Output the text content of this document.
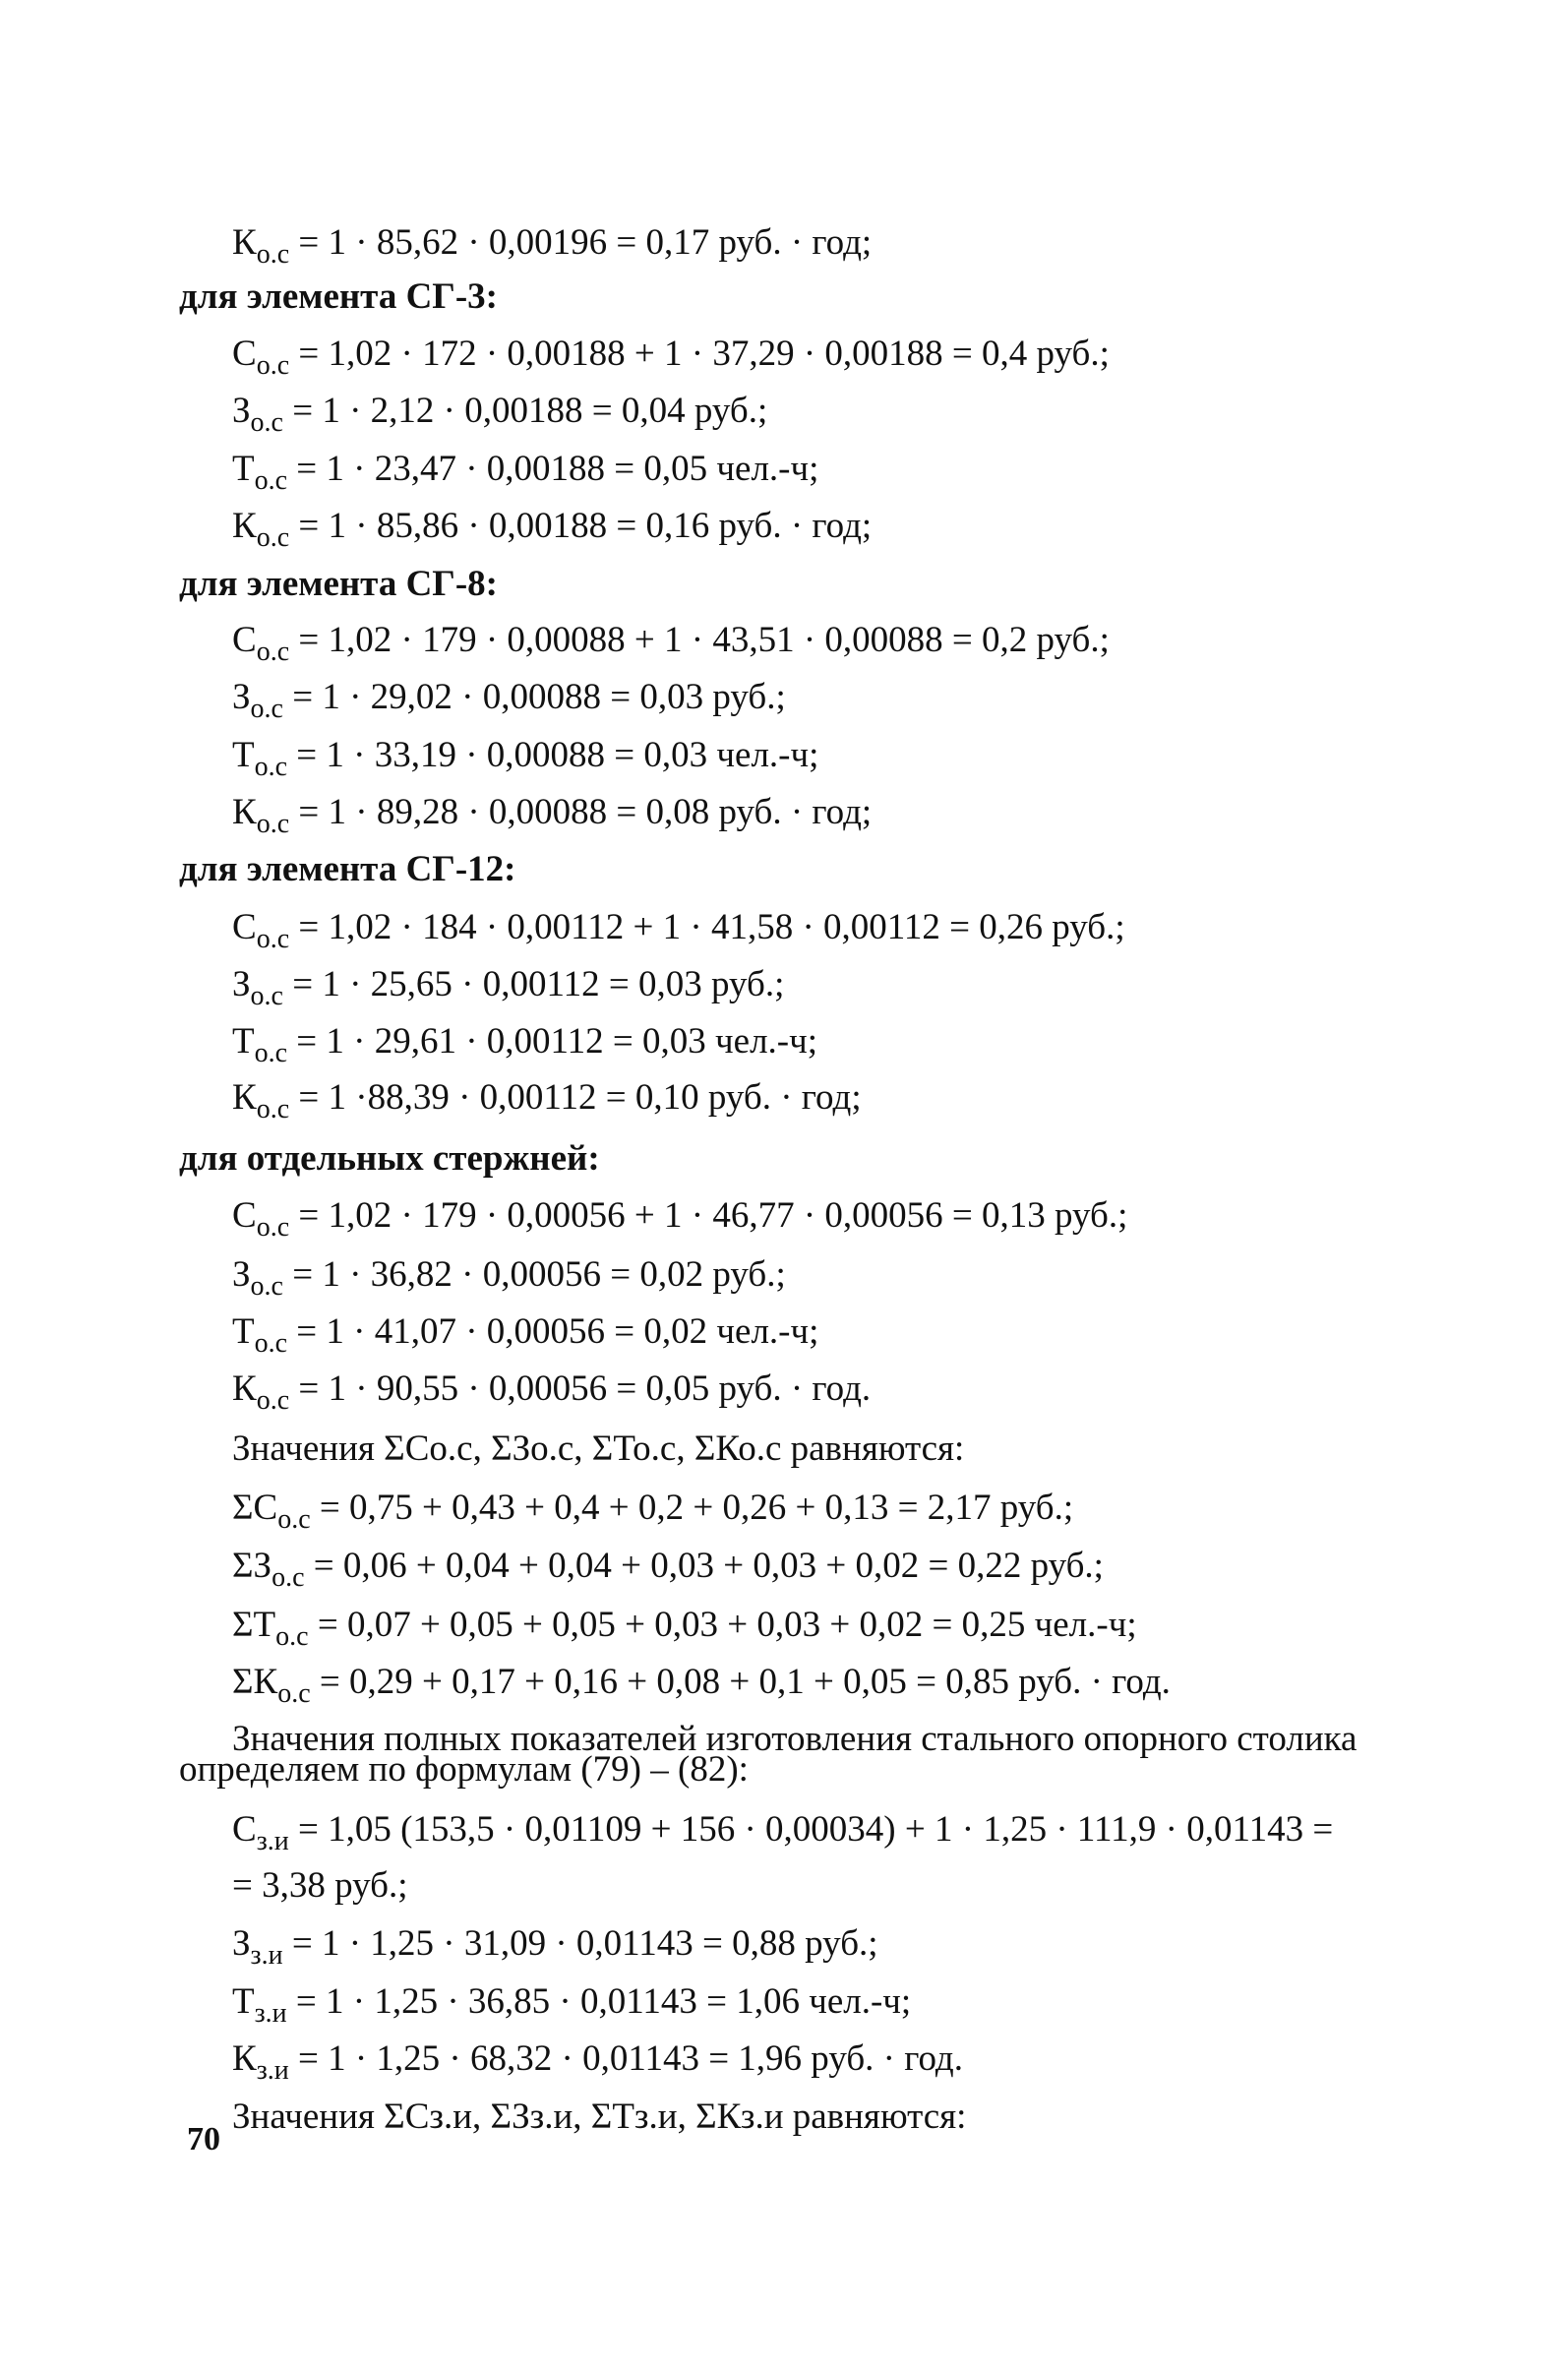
$К_{о.с} = 1 \cdot 85,62 \cdot 0,00196 = 0,17$ руб. · год;
для элемента СГ-3:
$С_{о.с} = 1,02 \cdot 172 \cdot 0,00188 + 1 \cdot 37,29 \cdot 0,00188 = 0,4$ руб.;
$З_{о.с} = 1 \cdot 2,12 \cdot 0,00188 = 0,04$ руб.;
$Т_{о.с} = 1 \cdot 23,47 \cdot 0,00188 = 0,05$ чел.-ч;
$К_{о.с} = 1 \cdot 85,86 \cdot 0,00188 = 0,16$ руб. · год;
для элемента СГ-8:
$С_{о.с} = 1,02 \cdot 179 \cdot 0,00088 + 1 \cdot 43,51 \cdot 0,00088 = 0,2$ руб.;
$З_{о.с} = 1 \cdot 29,02 \cdot 0,00088 = 0,03$ руб.;
$Т_{о.с} = 1 \cdot 33,19 \cdot 0,00088 = 0,03$ чел.-ч;
$К_{о.с} = 1 \cdot 89,28 \cdot 0,00088 = 0,08$ руб. · год;
для элемента СГ-12:
$С_{о.с} = 1,02 \cdot 184 \cdot 0,00112 + 1 \cdot 41,58 \cdot 0,00112 = 0,26$ руб.;
$З_{о.с} = 1 \cdot 25,65 \cdot 0,00112 = 0,03$ руб.;
$Т_{о.с} = 1 \cdot 29,61 \cdot 0,00112 = 0,03$ чел.-ч;
$К_{о.с} = 1 \cdot 88,39 \cdot 0,00112 = 0,10$ руб. · год;
для отдельных стержней:
$С_{о.с} = 1,02 \cdot 179 \cdot 0,00056 + 1 \cdot 46,77 \cdot 0,00056 = 0,13$ руб.;
$З_{о.с} = 1 \cdot 36,82 \cdot 0,00056 = 0,02$ руб.;
$Т_{о.с} = 1 \cdot 41,07 \cdot 0,00056 = 0,02$ чел.-ч;
$К_{о.с} = 1 \cdot 90,55 \cdot 0,00056 = 0,05$ руб. · год.
Значения ΣСо.с, ΣЗо.с, ΣТо.с, ΣКо.с равняются:
$\Sigma С_{о.с} = 0,75 + 0,43 + 0,4 + 0,2 + 0,26 + 0,13 = 2,17$ руб.;
$\Sigma З_{о.с} = 0,06 + 0,04 + 0,04 + 0,03 + 0,03 + 0,02 = 0,22$ руб.;
$\Sigma Т_{о.с} = 0,07 + 0,05 + 0,05 + 0,03 + 0,03 + 0,02 = 0,25$ чел.-ч;
$\Sigma К_{о.с} = 0,29 + 0,17 + 0,16 + 0,08 + 0,1 + 0,05 = 0,85$ руб. · год.
Значения полных показателей изготовления стального опорного столика
определяем по формулам (79) – (82):
$С_{з.и} = 1,05$ (153,5 · 0,01109 + 156 · 0,00034) + 1 · 1,25 · 111,9 · 0,01143 =
= 3,38 руб.;
$З_{з.и} = 1 \cdot 1,25 \cdot 31,09 \cdot 0,01143 = 0,88$ руб.;
$Т_{з.и} = 1 \cdot 1,25 \cdot 36,85 \cdot 0,01143 = 1,06$ чел.-ч;
$К_{з.и} = 1 \cdot 1,25 \cdot 68,32 \cdot 0,01143 = 1,96$ руб. · год.
Значения ΣСз.и, ΣЗз.и, ΣТз.и, ΣКз.и равняются:
70
